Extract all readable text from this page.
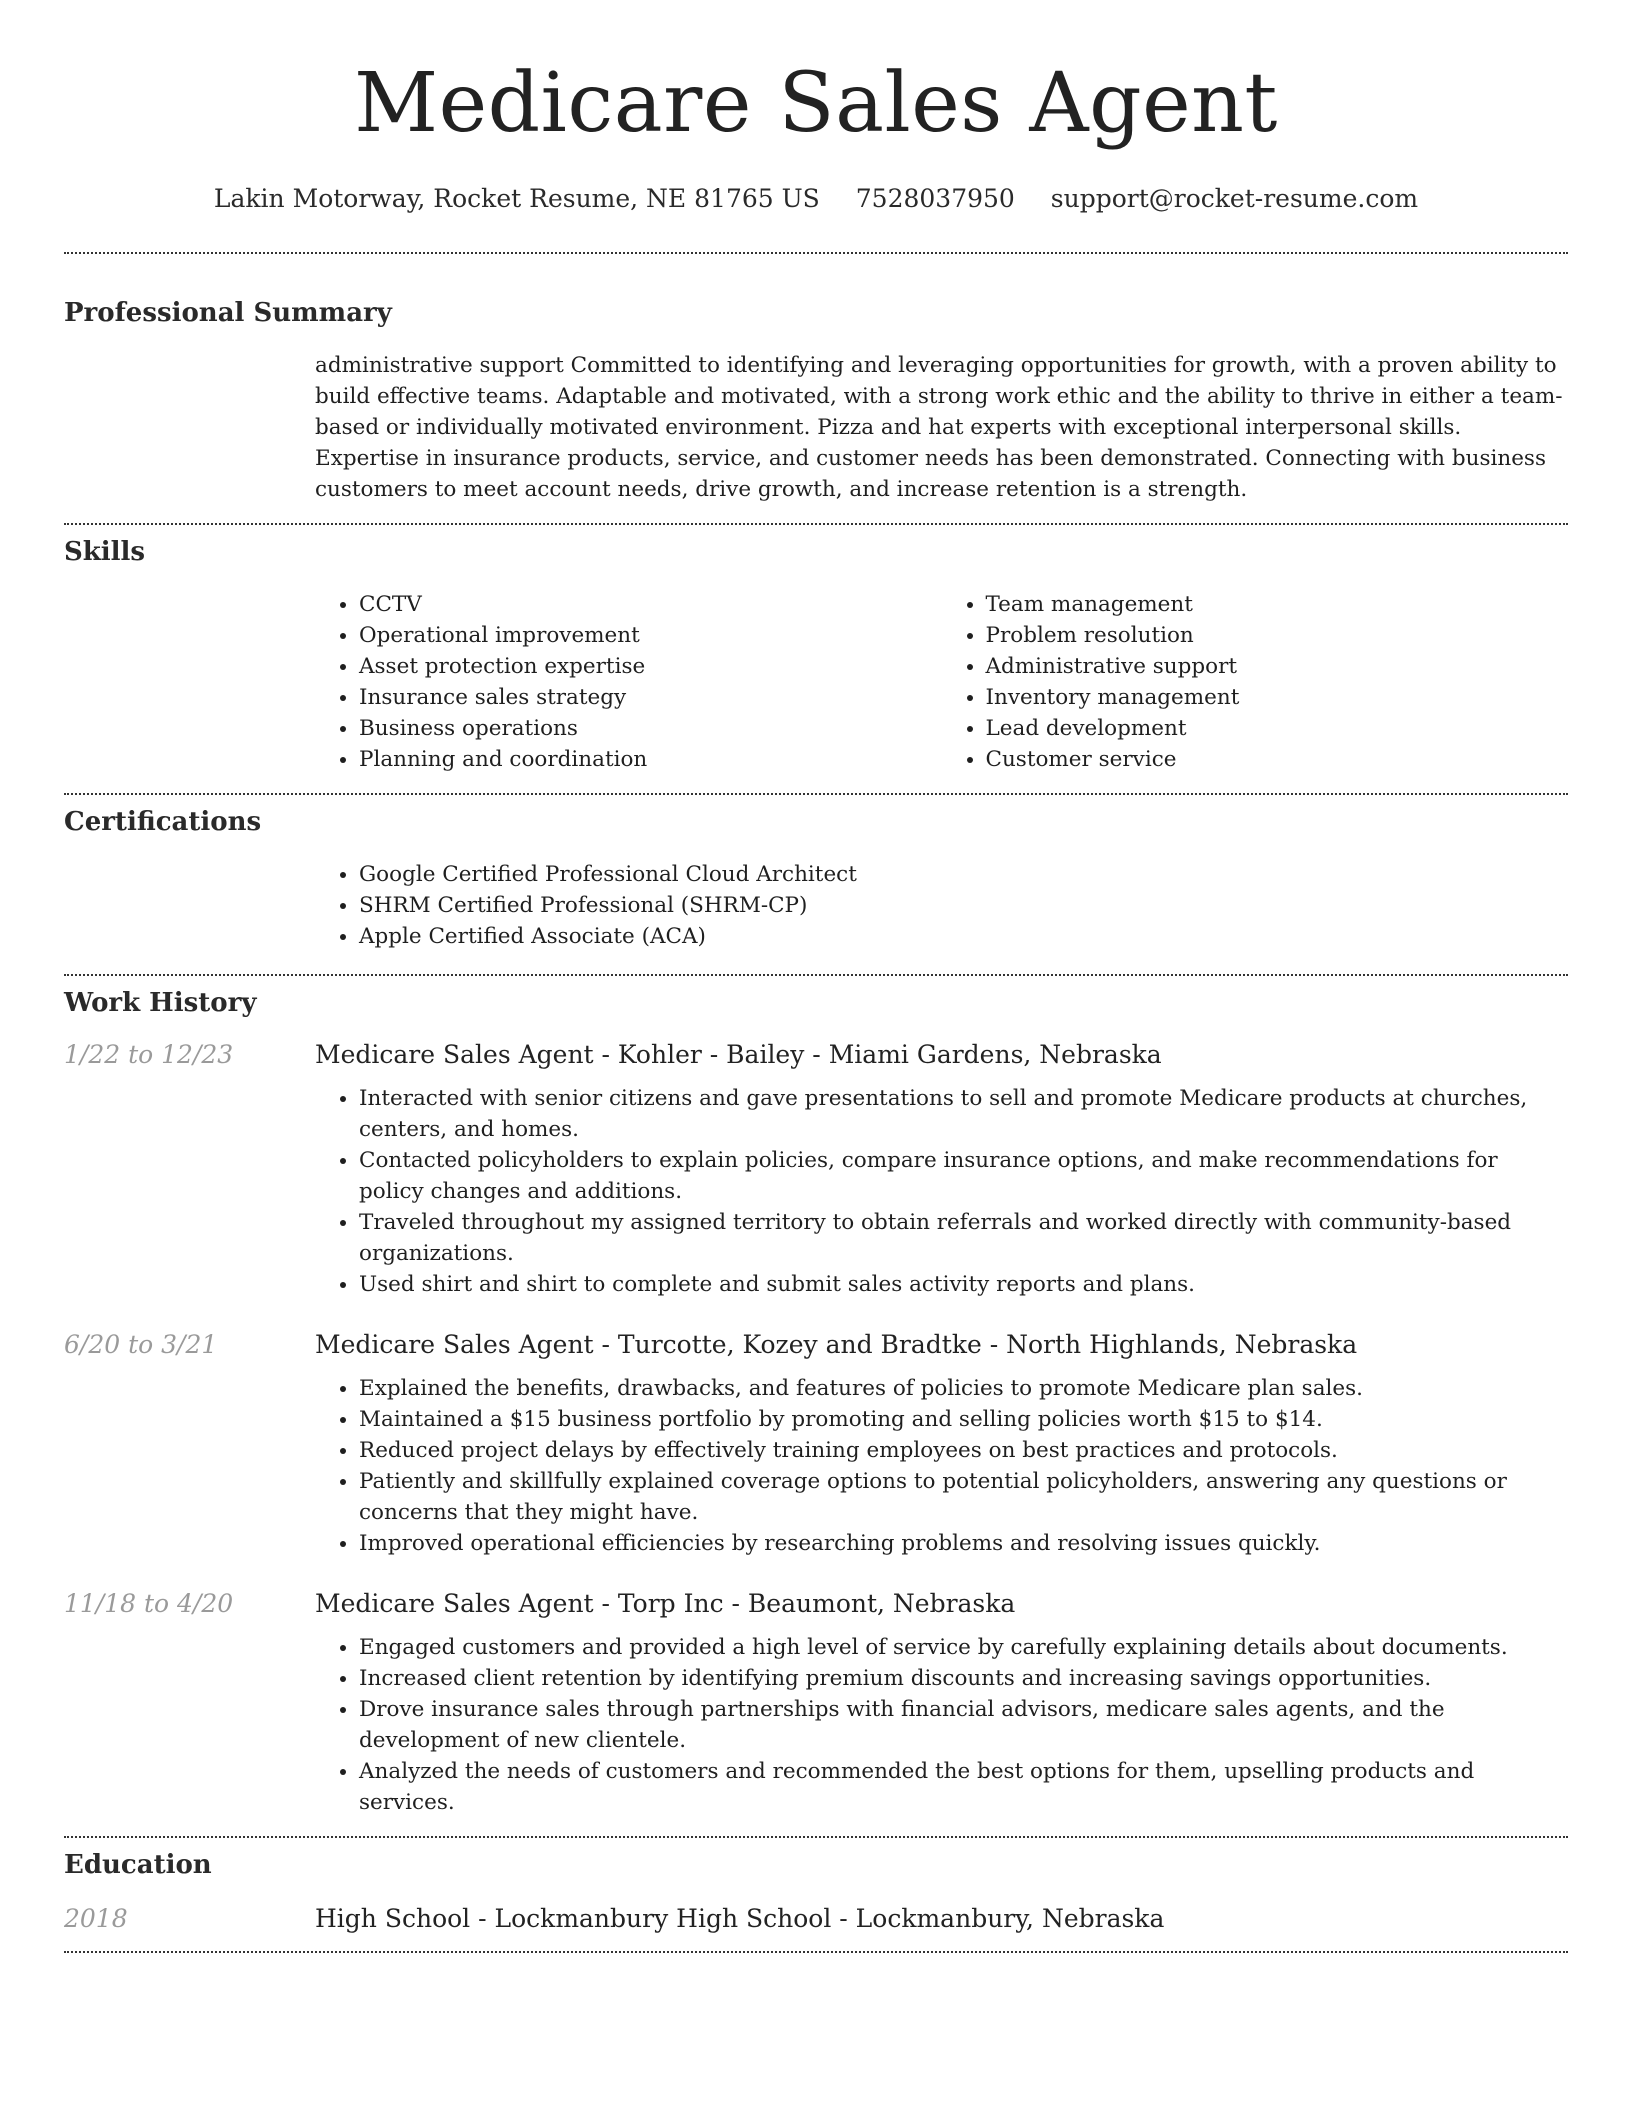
Medicare Sales Agent
Lakin Motorway, Rocket Resume, NE 81765 US 7528037950 support@rocket-resume.com
Professional Summary

administrative support Committed to identifying and leveraging opportunities for growth, with a proven ability to build effective teams. Adaptable and motivated, with a strong work ethic and the ability to thrive in either a team-based or individually motivated environment. Pizza and hat experts with exceptional interpersonal skills. Expertise in insurance products, service, and customer needs has been demonstrated. Connecting with business customers to meet account needs, drive growth, and increase retention is a strength.

Skills
• CCTV
• Operational improvement
• Asset protection expertise
• Insurance sales strategy
• Business operations
• Planning and coordination
• Team management
• Problem resolution
• Administrative support
• Inventory management
• Lead development
• Customer service
Certifications
• Google Certified Professional Cloud Architect
• SHRM Certified Professional (SHRM-CP)
• Apple Certified Associate (ACA)
Work History
1/22 to 12/23	Medicare Sales Agent - Kohler - Bailey - Miami Gardens, Nebraska
• Interacted with senior citizens and gave presentations to sell and promote Medicare products at churches, centers, and homes.
• Contacted policyholders to explain policies, compare insurance options, and make recommendations for policy changes and additions.
• Traveled throughout my assigned territory to obtain referrals and worked directly with community-based organizations.
• Used shirt and shirt to complete and submit sales activity reports and plans.
6/20 to 3/21	Medicare Sales Agent - Turcotte, Kozey and Bradtke - North Highlands, Nebraska
• Explained the benefits, drawbacks, and features of policies to promote Medicare plan sales.
• Maintained a $15 business portfolio by promoting and selling policies worth $15 to $14.
• Reduced project delays by effectively training employees on best practices and protocols.
• Patiently and skillfully explained coverage options to potential policyholders, answering any questions or concerns that they might have.
• Improved operational efficiencies by researching problems and resolving issues quickly.
11/18 to 4/20	Medicare Sales Agent - Torp Inc - Beaumont, Nebraska
• Engaged customers and provided a high level of service by carefully explaining details about documents.
• Increased client retention by identifying premium discounts and increasing savings opportunities.
• Drove insurance sales through partnerships with financial advisors, medicare sales agents, and the development of new clientele.
• Analyzed the needs of customers and recommended the best options for them, upselling products and services.
Education
2018	High School - Lockmanbury High School - Lockmanbury, Nebraska
